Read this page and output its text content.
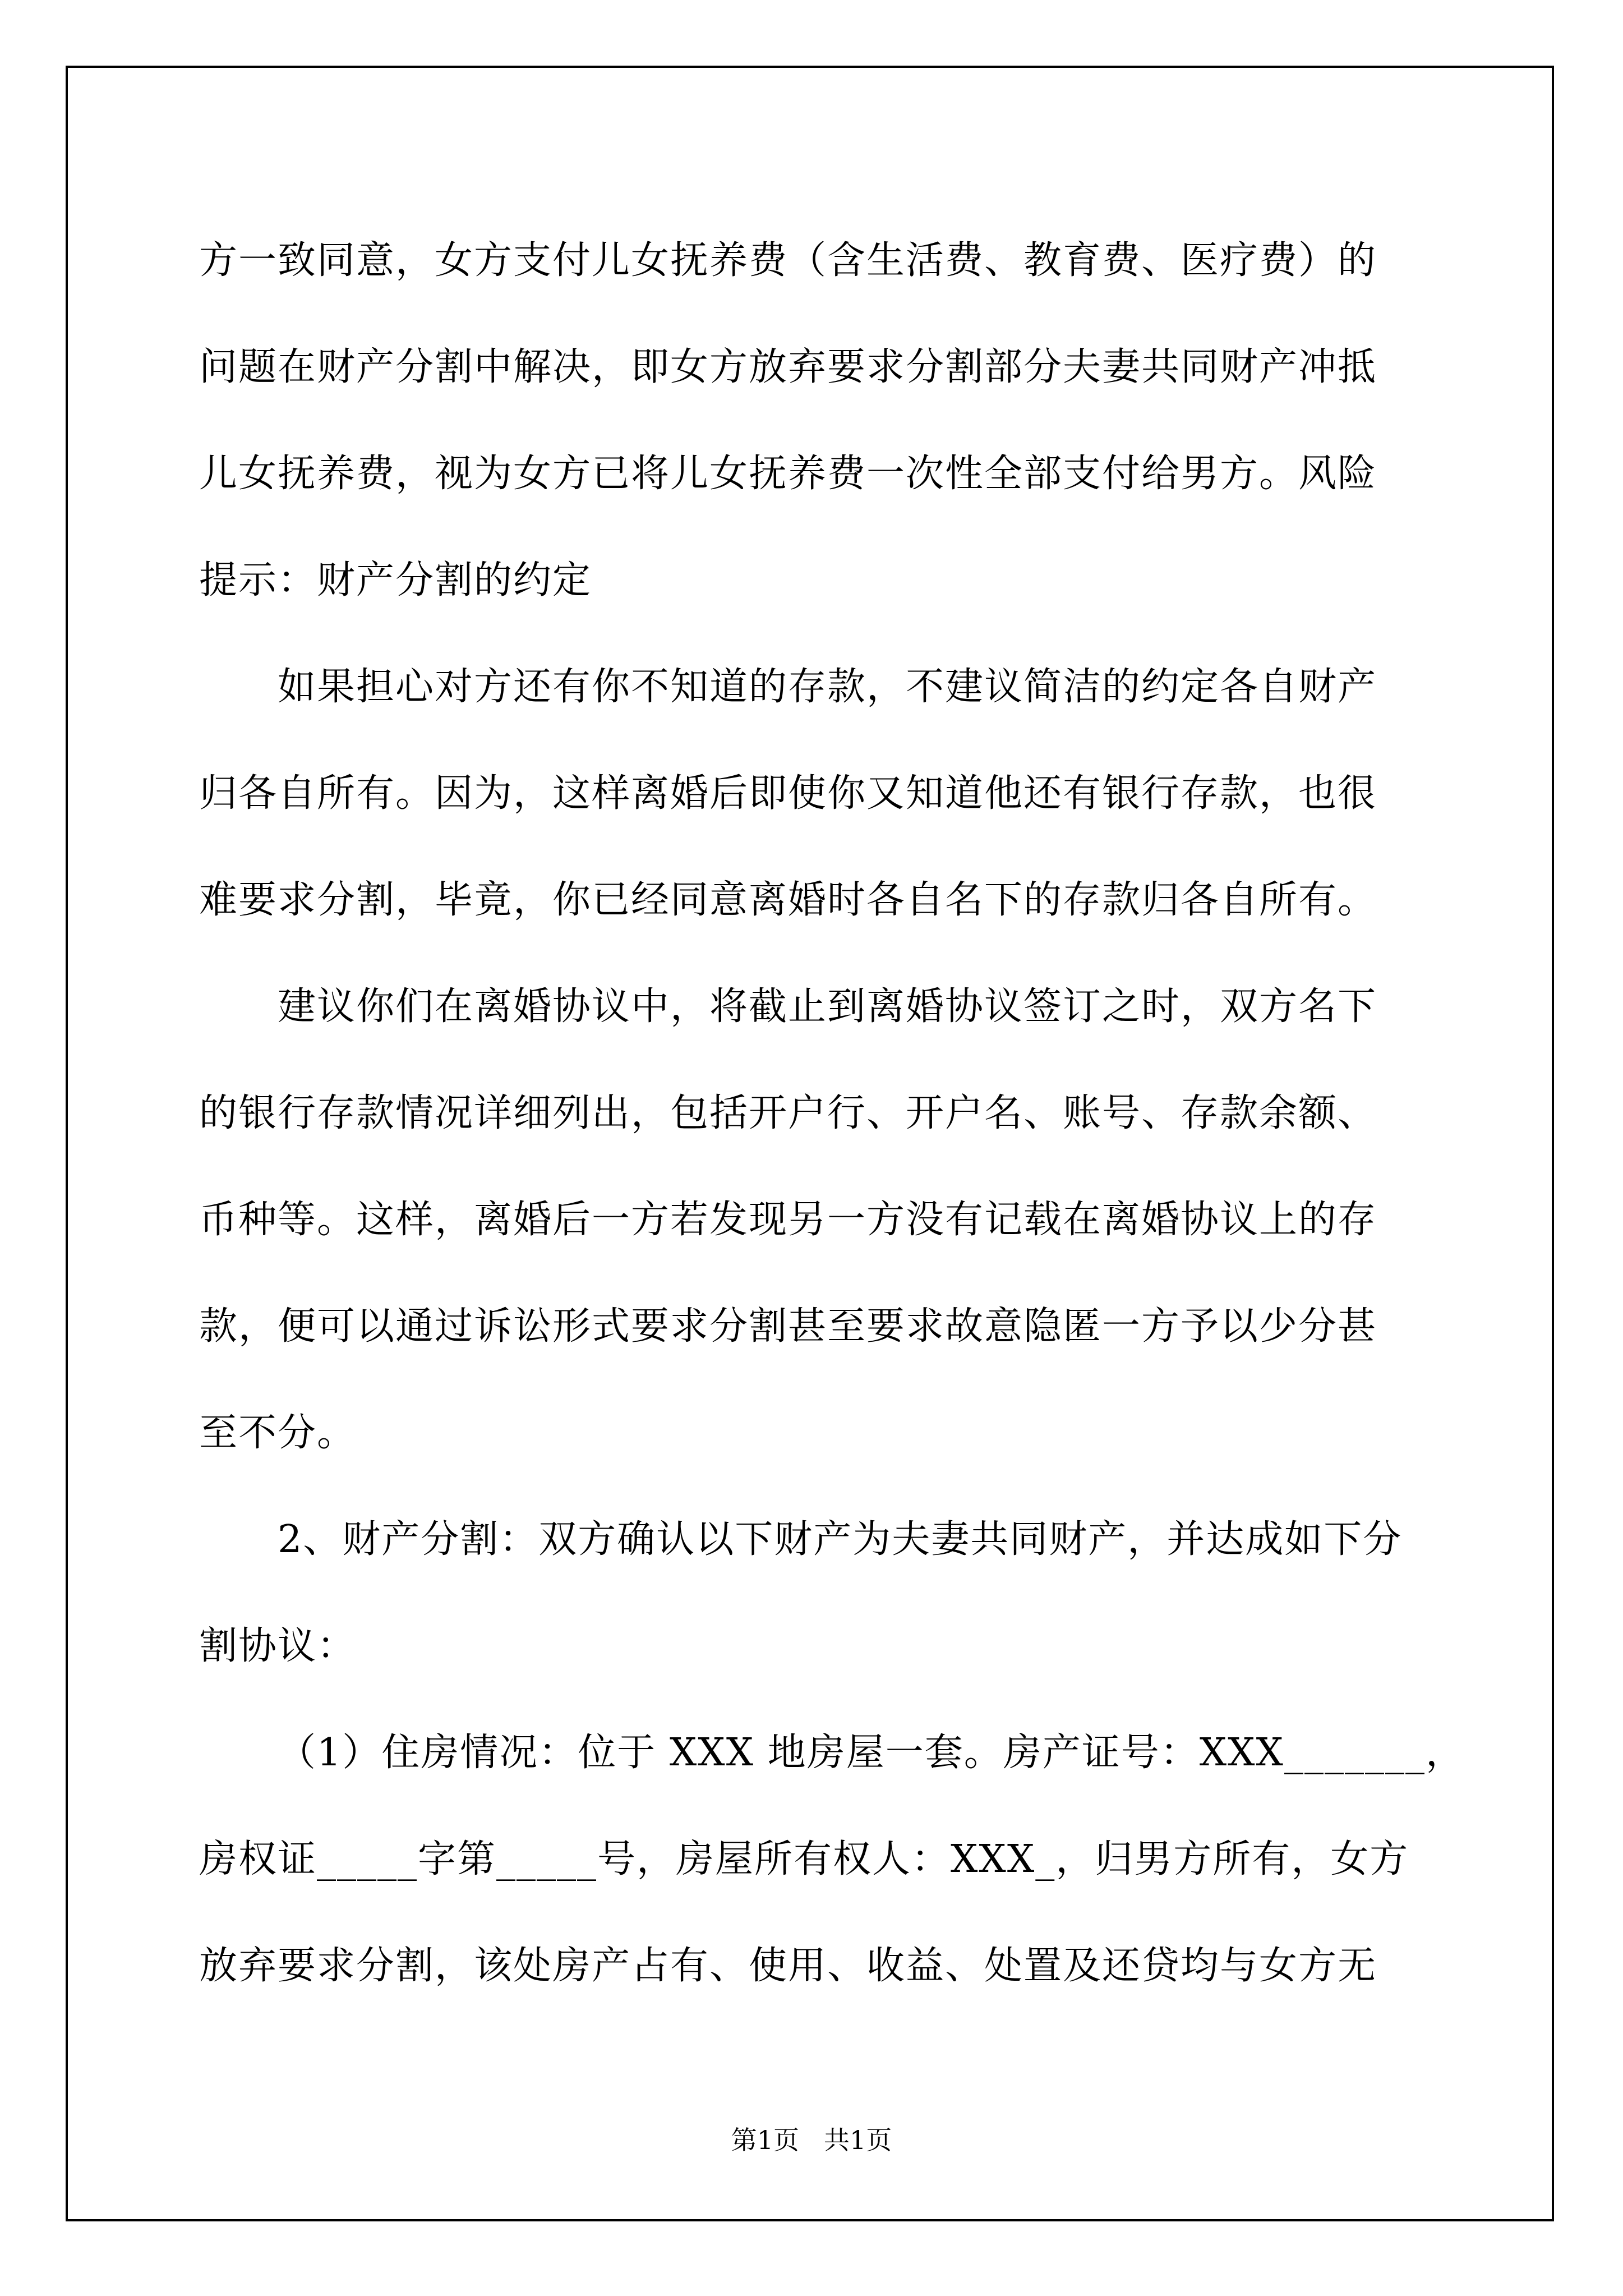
方一致同意，女方支付儿女抚养费（含生活费、教育费、医疗费）的
问题在财产分割中解决，即女方放弃要求分割部分夫妻共同财产冲抵
儿女抚养费，视为女方已将儿女抚养费一次性全部支付给男方。风险
提示：财产分割的约定

如果担心对方还有你不知道的存款，不建议简洁的约定各自财产
归各自所有。因为，这样离婚后即使你又知道他还有银行存款，也很
难要求分割，毕竟，你已经同意离婚时各自名下的存款归各自所有。

建议你们在离婚协议中，将截止到离婚协议签订之时，双方名下
的银行存款情况详细列出，包括开户行、开户名、账号、存款余额、
币种等。这样，离婚后一方若发现另一方没有记载在离婚协议上的存
款，便可以通过诉讼形式要求分割甚至要求故意隐匿一方予以少分甚
至不分。

2、财产分割：双方确认以下财产为夫妻共同财产，并达成如下分
割协议：

（1）住房情况：位于 XXX 地房屋一套。房产证号：XXX_______，
房权证_____字第_____号，房屋所有权人：XXX_，归男方所有，女方
放弃要求分割，该处房产占有、使用、收益、处置及还贷均与女方无

第1页 共1页
